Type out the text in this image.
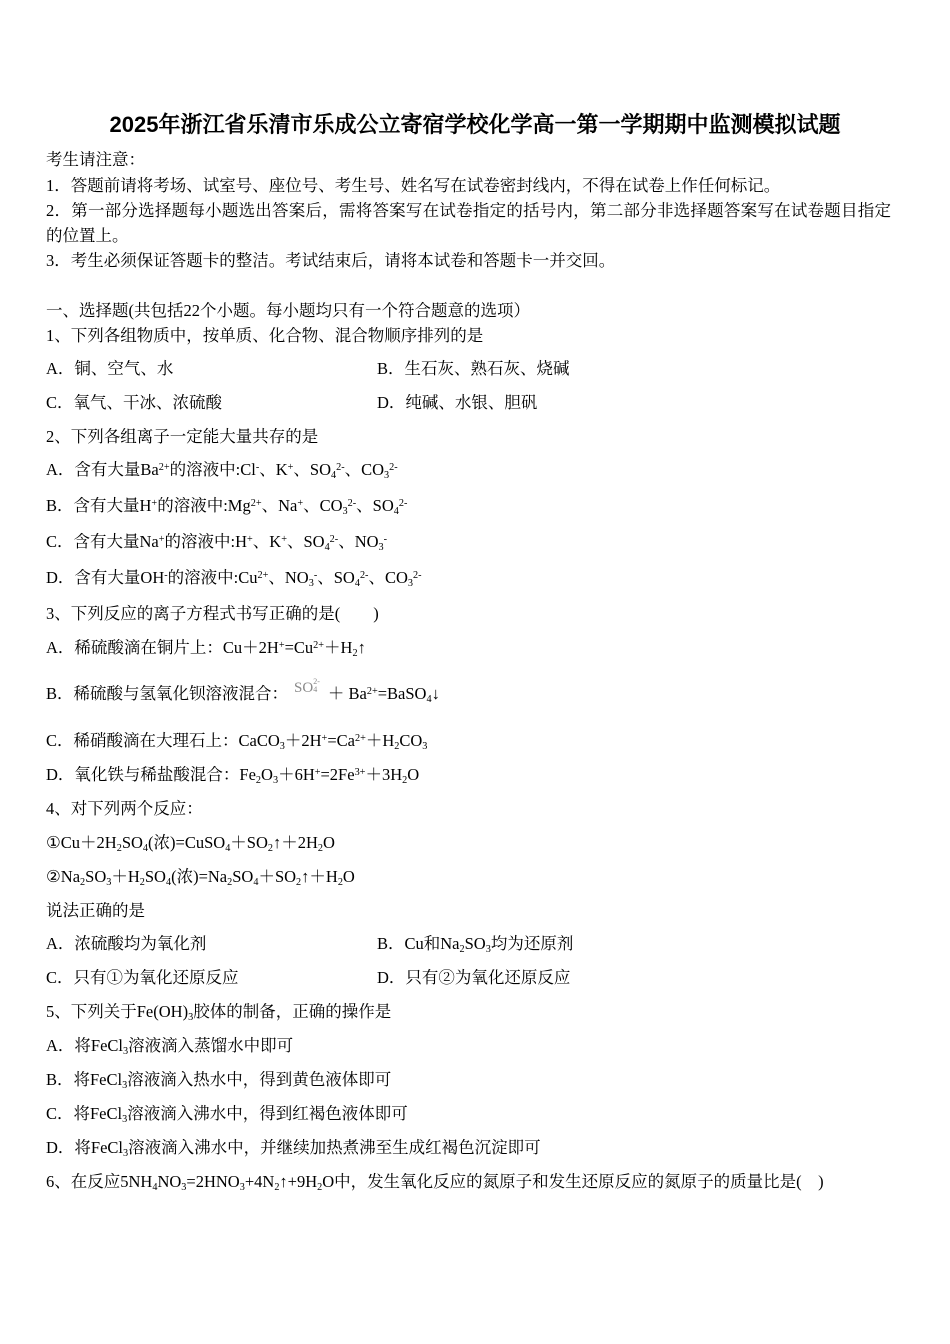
2025年浙江省乐清市乐成公立寄宿学校化学高一第一学期期中监测模拟试题
考生请注意：
1．答题前请将考场、试室号、座位号、考生号、姓名写在试卷密封线内，不得在试卷上作任何标记。
2．第一部分选择题每小题选出答案后，需将答案写在试卷指定的括号内，第二部分非选择题答案写在试卷题目指定
的位置上。
3．考生必须保证答题卡的整洁。考试结束后，请将本试卷和答题卡一并交回。
一、选择题(共包括22个小题。每小题均只有一个符合题意的选项）
1、下列各组物质中，按单质、化合物、混合物顺序排列的是
A．铜、空气、水	B．生石灰、熟石灰、烧碱
C．氧气、干冰、浓硫酸	D．纯碱、水银、胆矾
2、下列各组离子一定能大量共存的是
A．含有大量$Ba^{2+}$的溶液中:Cl-、K+、$SO_4^{2-}$、$CO_3^{2-}$
B．含有大量H+的溶液中$:Mg^{2+}$、Na+、$CO_3^{2-}$、$SO_4^{2-}$
C．含有大量Na+的溶液中:H+、K+、$SO_4^{2-}$、$NO_3^-$
D．含有大量OH-的溶液中$:Cu^{2+}$、$NO_3^-$、$SO_4^{2-}$、$CO_3^{2-}$
3、下列反应的离子方程式书写正确的是(　　)
A．稀硫酸滴在铜片上：$Cu+2H^+=Cu^{2+}+H_2↑$
B．稀硫酸与氢氧化钡溶液混合： SO 2-
$4 + Ba^{2+}=BaSO_4↓$
C．稀硝酸滴在大理石上：$CaCO_3+2H^+=Ca^{2+}+H_2CO_3$
D．氧化铁与稀盐酸混合：$Fe_2O_3+6H^+=2Fe^{3+}+3H_2O$
4、对下列两个反应：
$①Cu+2H_2SO_4$(浓)$=CuSO_4+SO_2↑+2H_2O$
$②Na_2SO_3+H_2SO_4$(浓)$=Na_2SO_4+SO_2↑+H_2O$
说法正确的是
A．浓硫酸均为氧化剂	B．Cu和$Na_2SO_3$均为还原剂
C．只有①为氧化还原反应	D．只有②为氧化还原反应
5、下列关于$Fe(OH)_3$胶体的制备，正确的操作是
A．将FeCl$_3$溶液滴入蒸馏水中即可
B．将FeCl$_3$溶液滴入热水中，得到黄色液体即可
C．将FeCl$_3$溶液滴入沸水中，得到红褐色液体即可
D．将FeCl$_3$溶液滴入沸水中，并继续加热煮沸至生成红褐色沉淀即可
6、在反应$5NH_4NO_3=2HNO_3+4N_2↑+9H_2O$中，发生氧化反应的氮原子和发生还原反应的氮原子的质量比是(　)
